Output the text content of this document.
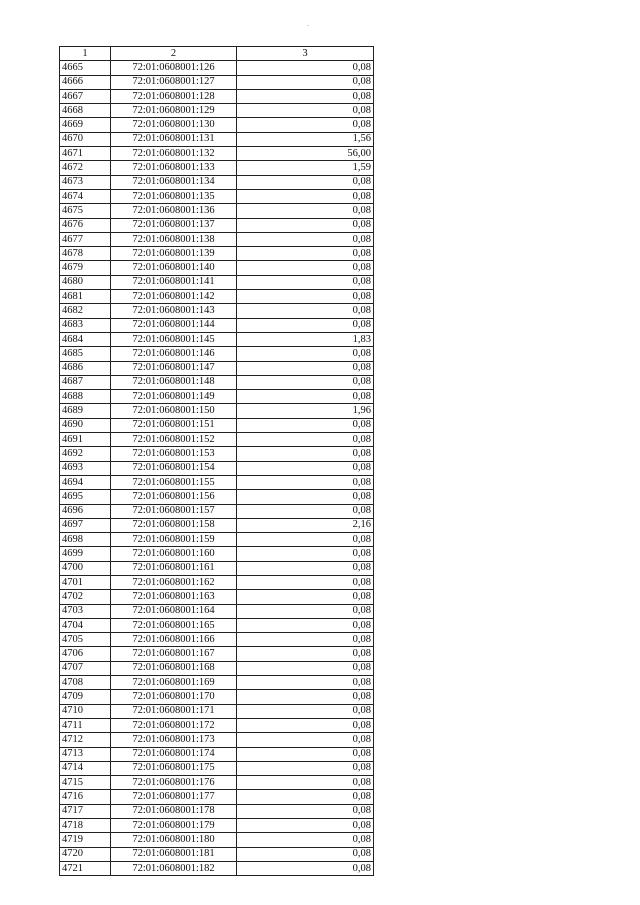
.
1	2	3
4665	72:01:0608001:126	0,08
4666	72:01:0608001:127	0,08
4667	72:01:0608001:128	0,08
4668	72:01:0608001:129	0,08
4669	72:01:0608001:130	0,08
4670	72:01:0608001:131	1,56
4671	72:01:0608001:132	56,00
4672	72:01:0608001:133	1,59
4673	72:01:0608001:134	0,08
4674	72:01:0608001:135	0,08
4675	72:01:0608001:136	0,08
4676	72:01:0608001:137	0,08
4677	72:01:0608001:138	0,08
4678	72:01:0608001:139	0,08
4679	72:01:0608001:140	0,08
4680	72:01:0608001:141	0,08
4681	72:01:0608001:142	0,08
4682	72:01:0608001:143	0,08
4683	72:01:0608001:144	0,08
4684	72:01:0608001:145	1,83
4685	72:01:0608001:146	0,08
4686	72:01:0608001:147	0,08
4687	72:01:0608001:148	0,08
4688	72:01:0608001:149	0,08
4689	72:01:0608001:150	1,96
4690	72:01:0608001:151	0,08
4691	72:01:0608001:152	0,08
4692	72:01:0608001:153	0,08
4693	72:01:0608001:154	0,08
4694	72:01:0608001:155	0,08
4695	72:01:0608001:156	0,08
4696	72:01:0608001:157	0,08
4697	72:01:0608001:158	2,16
4698	72:01:0608001:159	0,08
4699	72:01:0608001:160	0,08
4700	72:01:0608001:161	0,08
4701	72:01:0608001:162	0,08
4702	72:01:0608001:163	0,08
4703	72:01:0608001:164	0,08
4704	72:01:0608001:165	0,08
4705	72:01:0608001:166	0,08
4706	72:01:0608001:167	0,08
4707	72:01:0608001:168	0,08
4708	72:01:0608001:169	0,08
4709	72:01:0608001:170	0,08
4710	72:01:0608001:171	0,08
4711	72:01:0608001:172	0,08
4712	72:01:0608001:173	0,08
4713	72:01:0608001:174	0,08
4714	72:01:0608001:175	0,08
4715	72:01:0608001:176	0,08
4716	72:01:0608001:177	0,08
4717	72:01:0608001:178	0,08
4718	72:01:0608001:179	0,08
4719	72:01:0608001:180	0,08
4720	72:01:0608001:181	0,08
4721	72:01:0608001:182	0,08
